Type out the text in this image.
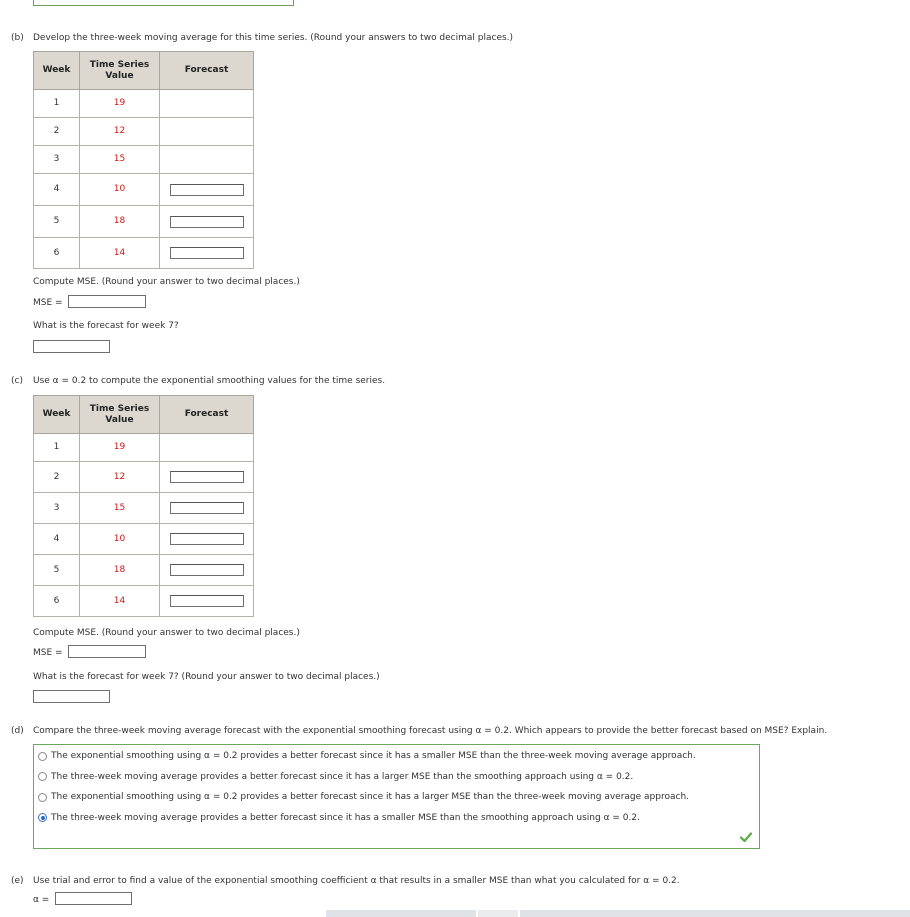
(b) Develop the three-week moving average for this time series. (Round your answers to two decimal places.)
Week	Time Series Value	Forecast
1	19	
2	12	
3	15	
4	10	

5	18	

6	14	
Compute MSE. (Round your answer to two decimal places.)
MSE =
What is the forecast for week 7?
(c) Use α = 0.2 to compute the exponential smoothing values for the time series.
Week	Time Series Value	Forecast
1	19	
2	12	

3	15	

4	10	

5	18	

6	14	
Compute MSE. (Round your answer to two decimal places.)
MSE =
What is the forecast for week 7? (Round your answer to two decimal places.)
(d) Compare the three-week moving average forecast with the exponential smoothing forecast using α = 0.2. Which appears to provide the better forecast based on MSE? Explain.
The exponential smoothing using α = 0.2 provides a better forecast since it has a smaller MSE than the three-week moving average approach.
The three-week moving average provides a better forecast since it has a larger MSE than the smoothing approach using α = 0.2.
The exponential smoothing using α = 0.2 provides a better forecast since it has a larger MSE than the three-week moving average approach.
The three-week moving average provides a better forecast since it has a smaller MSE than the smoothing approach using α = 0.2.
(e) Use trial and error to find a value of the exponential smoothing coefficient α that results in a smaller MSE than what you calculated for α = 0.2.
α =
